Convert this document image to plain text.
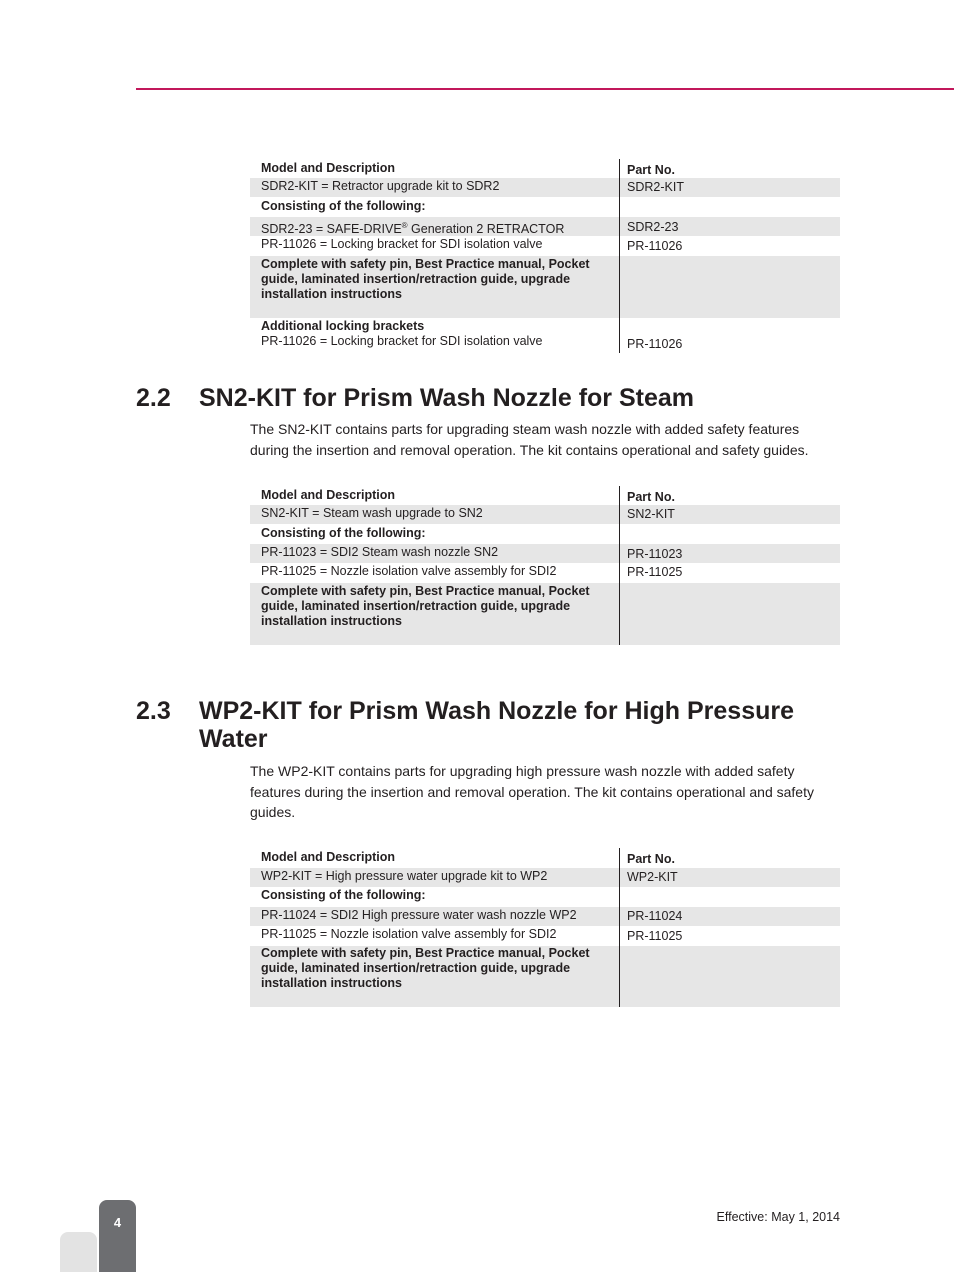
Model and Description	Part No.
SDR2-KIT = Retractor upgrade kit to SDR2	SDR2-KIT
Consisting of the following:
SDR2-23 = SAFE-DRIVE® Generation 2 RETRACTOR	SDR2-23
PR-11026 = Locking bracket for SDI isolation valve	PR-11026
Complete with safety pin, Best Practice manual, Pocket guide, laminated insertion/retraction guide, upgrade installation instructions
Additional locking brackets
PR-11026 = Locking bracket for SDI isolation valve	PR-11026
2.2 SN2-KIT for Prism Wash Nozzle for Steam
The SN2-KIT contains parts for upgrading steam wash nozzle with added safety features during the insertion and removal operation. The kit contains operational and safety guides.
Model and Description	Part No.
SN2-KIT = Steam wash upgrade to SN2	SN2-KIT
Consisting of the following:
PR-11023 = SDI2 Steam wash nozzle SN2	PR-11023
PR-11025 = Nozzle isolation valve assembly for SDI2	PR-11025
Complete with safety pin, Best Practice manual, Pocket guide, laminated insertion/retraction guide, upgrade installation instructions
2.3 WP2-KIT for Prism Wash Nozzle for High Pressure Water
The WP2-KIT contains parts for upgrading high pressure wash nozzle with added safety features during the insertion and removal operation. The kit contains operational and safety guides.
Model and Description	Part No.
WP2-KIT = High pressure water upgrade kit to WP2	WP2-KIT
Consisting of the following:
PR-11024 = SDI2 High pressure water wash nozzle WP2	PR-11024
PR-11025 = Nozzle isolation valve assembly for SDI2	PR-11025
Complete with safety pin, Best Practice manual, Pocket guide, laminated insertion/retraction guide, upgrade installation instructions
4	Effective: May 1, 2014
